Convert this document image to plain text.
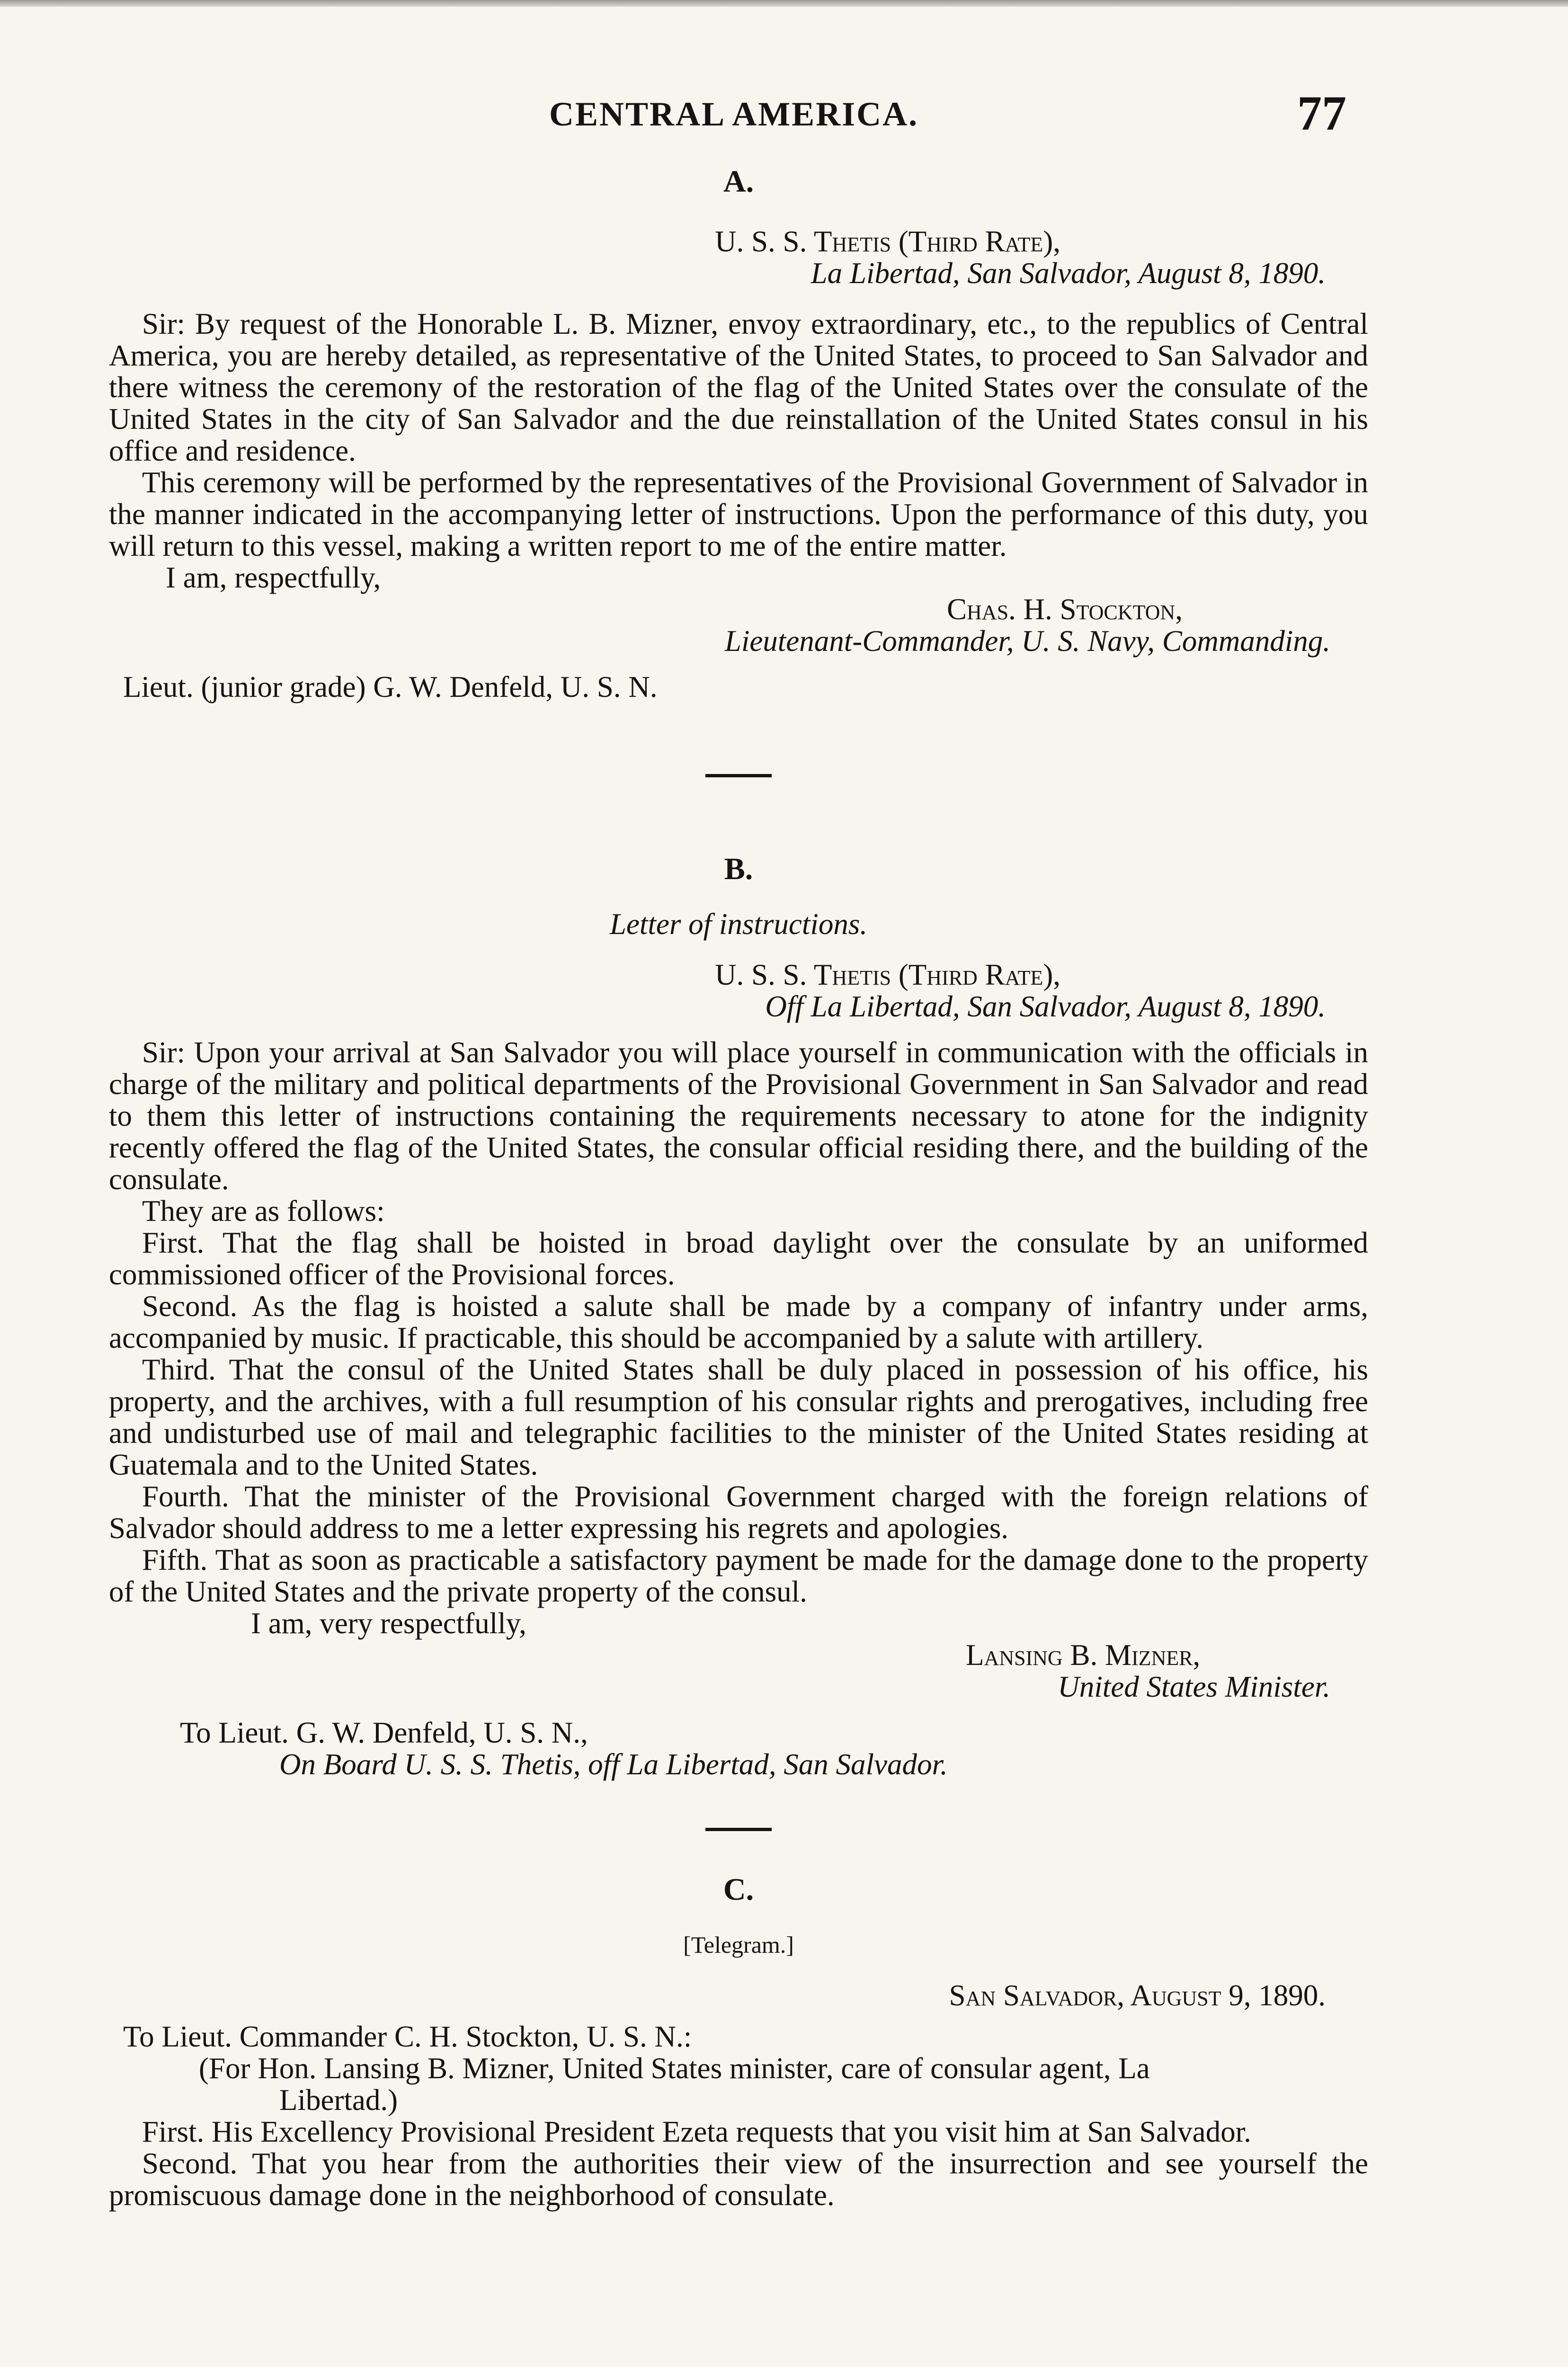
CENTRAL AMERICA.	77

A.

U. S. S. Thetis (Third Rate),

La Libertad, San Salvador, August 8, 1890.

Sir: By request of the Honorable L. B. Mizner, envoy extraordinary, etc., to the republics of Central America, you are hereby detailed, as representative of the United States, to proceed to San Salvador and there witness the ceremony of the restoration of the flag of the United States over the consulate of the United States in the city of San Salvador and the due reinstallation of the United States consul in his office and residence.

This ceremony will be performed by the representatives of the Provisional Government of Salvador in the manner indicated in the accompanying letter of instructions. Upon the performance of this duty, you will return to this vessel, making a written report to me of the entire matter.

I am, respectfully,

Chas. H. Stockton,

Lieutenant-Commander, U. S. Navy, Commanding.

Lieut. (junior grade) G. W. Denfeld, U. S. N.

B.

Letter of instructions.

U. S. S. Thetis (Third Rate),

Off La Libertad, San Salvador, August 8, 1890.

Sir: Upon your arrival at San Salvador you will place yourself in communication with the officials in charge of the military and political departments of the Provisional Government in San Salvador and read to them this letter of instructions containing the requirements necessary to atone for the indignity recently offered the flag of the United States, the consular official residing there, and the building of the consulate.

They are as follows:

First. That the flag shall be hoisted in broad daylight over the consulate by an uniformed commissioned officer of the Provisional forces.

Second. As the flag is hoisted a salute shall be made by a company of infantry under arms, accompanied by music. If practicable, this should be accompanied by a salute with artillery.

Third. That the consul of the United States shall be duly placed in possession of his office, his property, and the archives, with a full resumption of his consular rights and prerogatives, including free and undisturbed use of mail and telegraphic facilities to the minister of the United States residing at Guatemala and to the United States.

Fourth. That the minister of the Provisional Government charged with the foreign relations of Salvador should address to me a letter expressing his regrets and apologies.

Fifth. That as soon as practicable a satisfactory payment be made for the damage done to the property of the United States and the private property of the consul.

I am, very respectfully,

Lansing B. Mizner,

United States Minister.

To Lieut. G. W. Denfeld, U. S. N.,

On Board U. S. S. Thetis, off La Libertad, San Salvador.

C.

[Telegram.]

San Salvador, August 9, 1890.

To Lieut. Commander C. H. Stockton, U. S. N.:

(For Hon. Lansing B. Mizner, United States minister, care of consular agent, La

Libertad.)

First. His Excellency Provisional President Ezeta requests that you visit him at San Salvador.

Second. That you hear from the authorities their view of the insurrection and see yourself the promiscuous damage done in the neighborhood of consulate.
